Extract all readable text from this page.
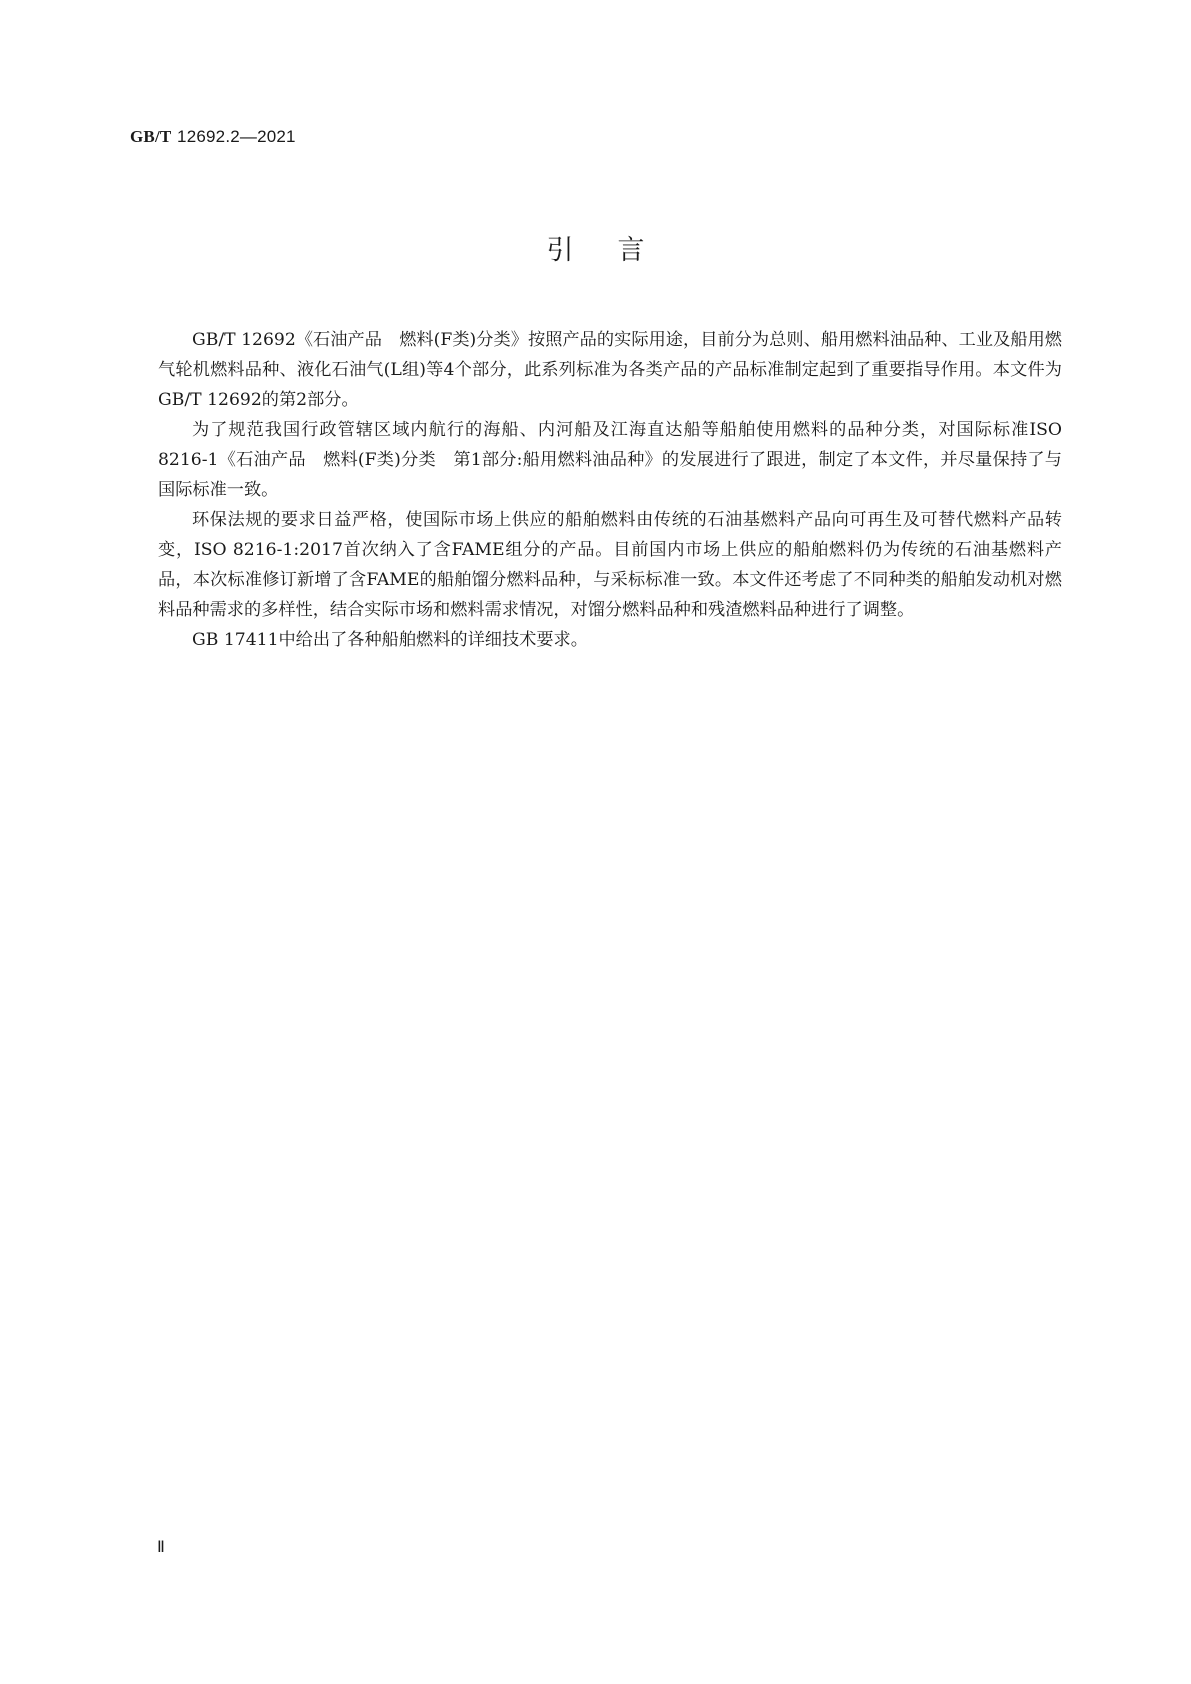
GB/T 12692.2—2021
引言

GB/T 12692《石油产品　燃料(F类)分类》按照产品的实际用途，目前分为总则、船用燃料油品种、工业及船用燃气轮机燃料品种、液化石油气(L组)等4个部分，此系列标准为各类产品的产品标准制定起到了重要指导作用。本文件为GB/T 12692的第2部分。

为了规范我国行政管辖区域内航行的海船、内河船及江海直达船等船舶使用燃料的品种分类，对国际标准ISO 8216-1《石油产品　燃料(F类)分类　第1部分:船用燃料油品种》的发展进行了跟进，制定了本文件，并尽量保持了与国际标准一致。

环保法规的要求日益严格，使国际市场上供应的船舶燃料由传统的石油基燃料产品向可再生及可替代燃料产品转变，ISO 8216-1:2017首次纳入了含FAME组分的产品。目前国内市场上供应的船舶燃料仍为传统的石油基燃料产品，本次标准修订新增了含FAME的船舶馏分燃料品种，与采标标准一致。本文件还考虑了不同种类的船舶发动机对燃料品种需求的多样性，结合实际市场和燃料需求情况，对馏分燃料品种和残渣燃料品种进行了调整。

GB 17411中给出了各种船舶燃料的详细技术要求。

Ⅱ
